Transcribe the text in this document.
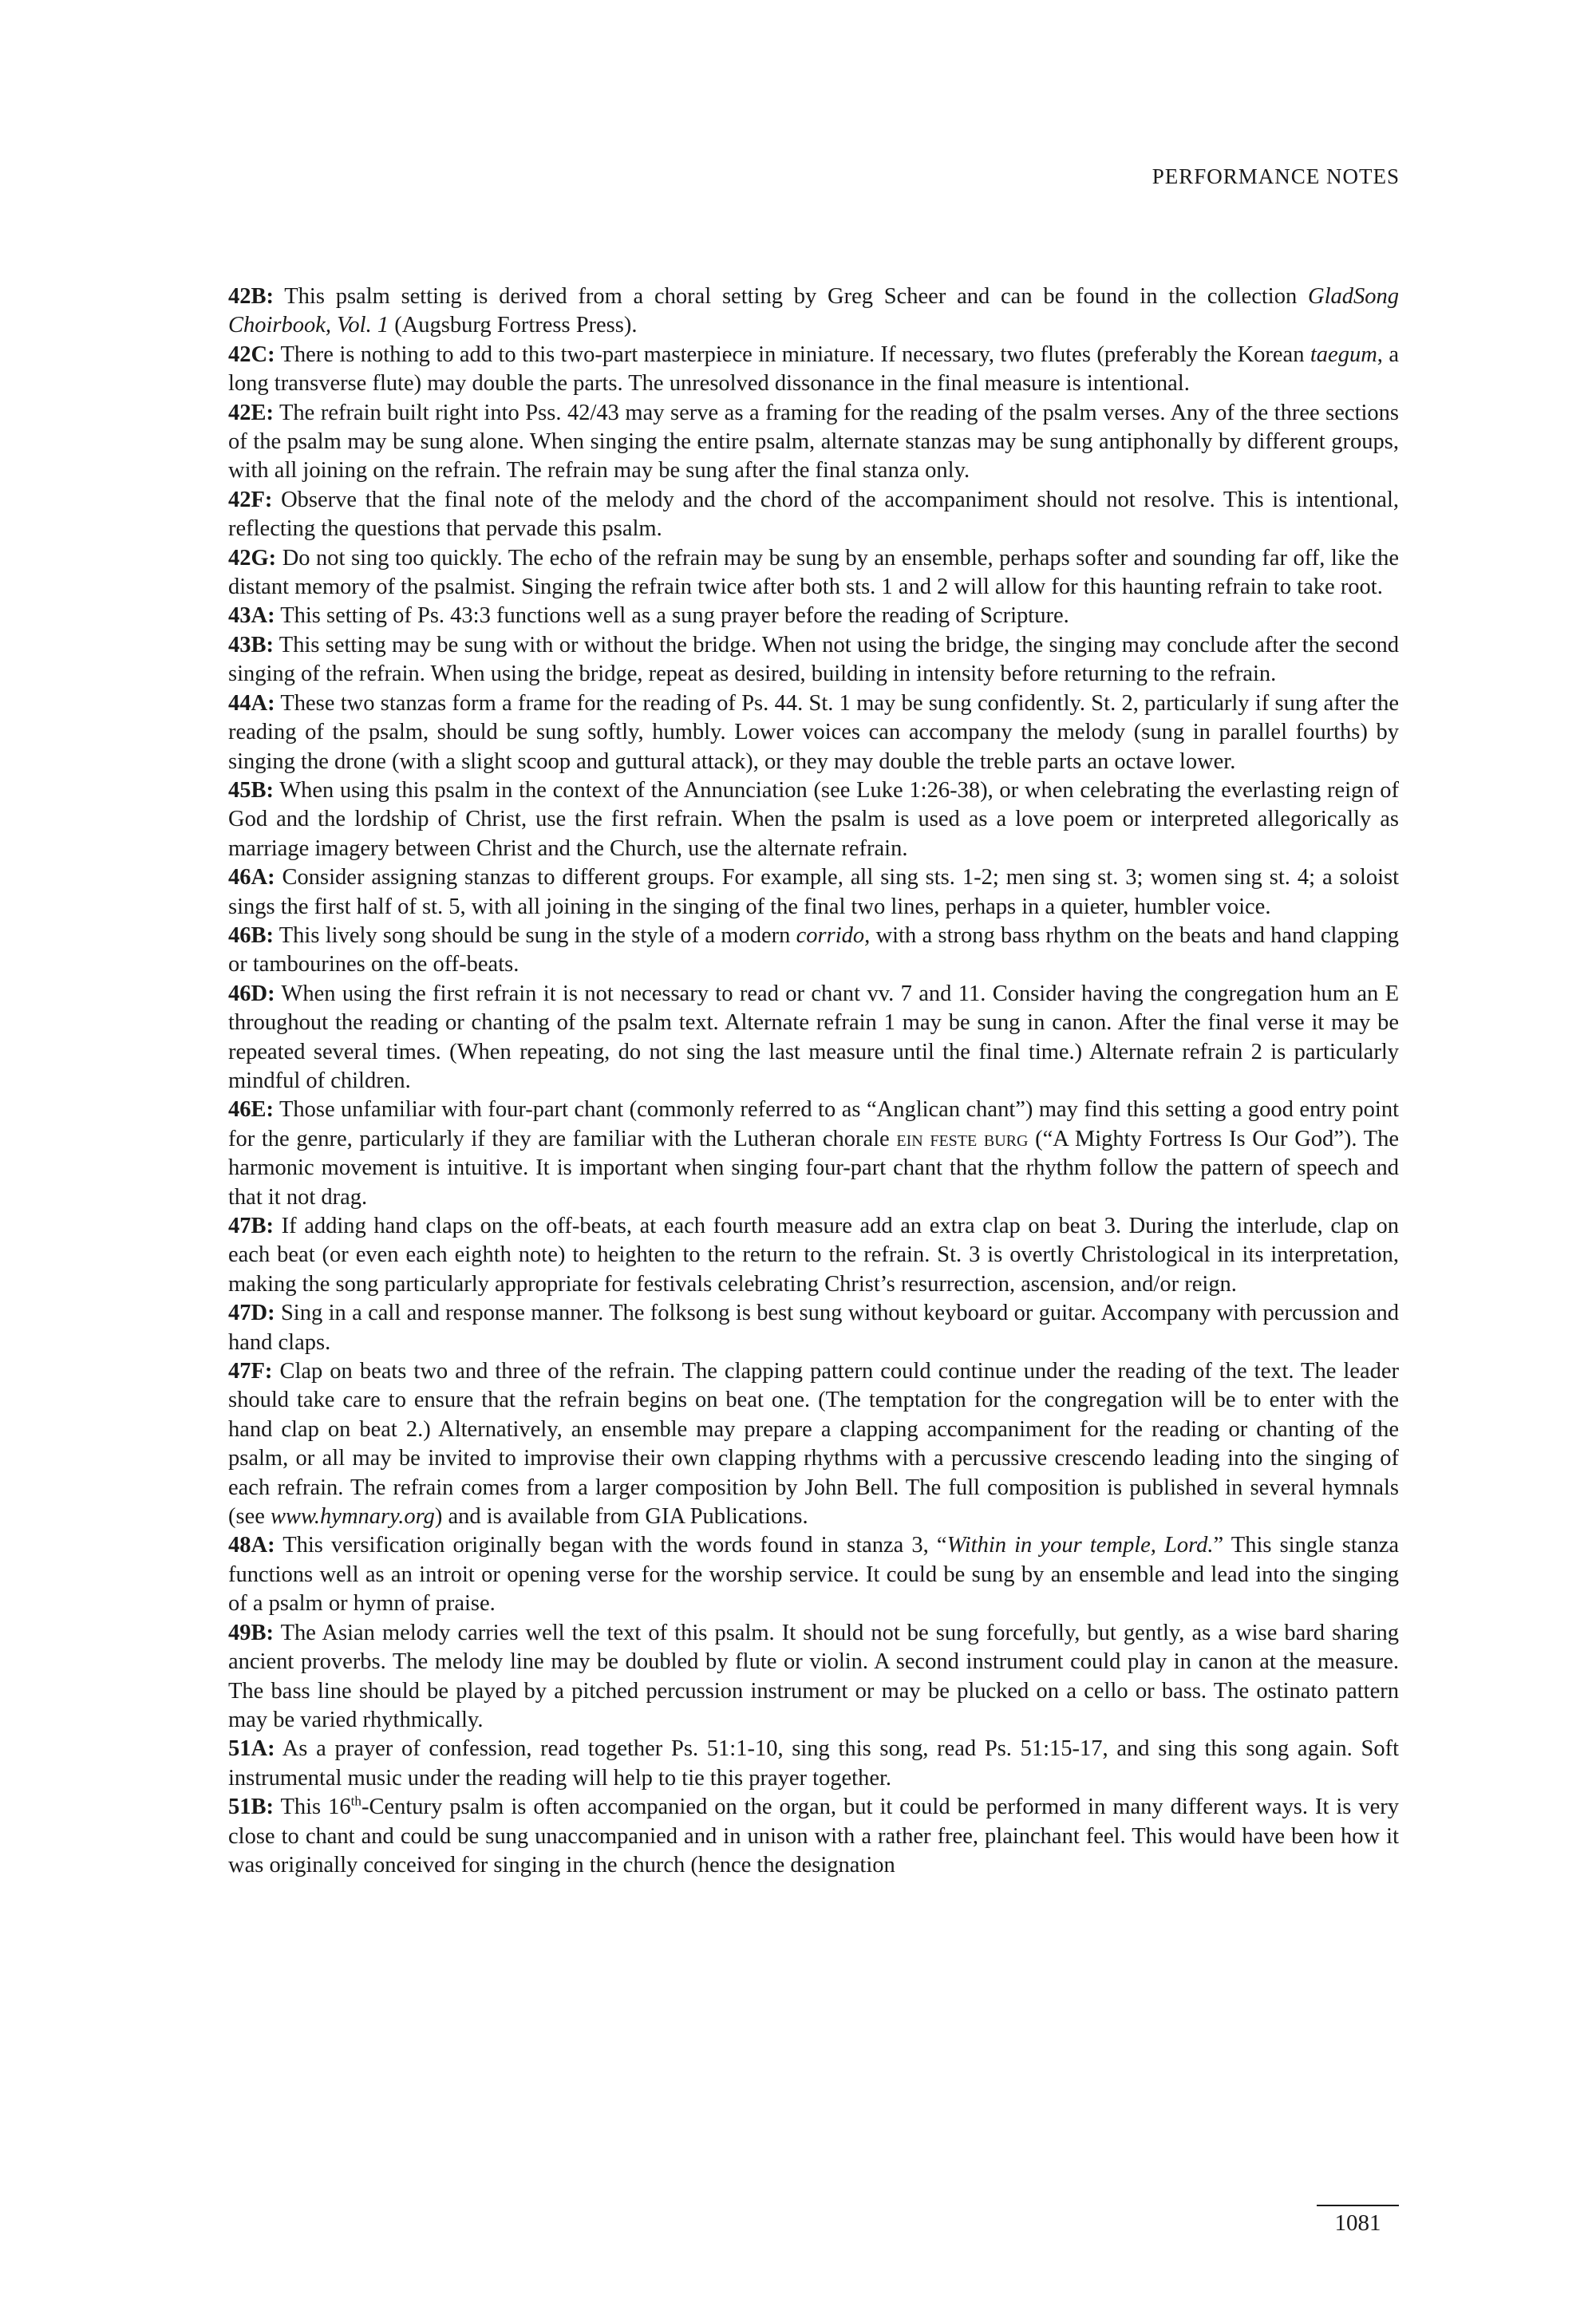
PERFORMANCE NOTES

42B: This psalm setting is derived from a choral setting by Greg Scheer and can be found in the collection GladSong Choirbook, Vol. 1 (Augsburg Fortress Press).

42C: There is nothing to add to this two-part masterpiece in miniature. If necessary, two flutes (preferably the Korean taegum, a long transverse flute) may double the parts. The unresolved dissonance in the final measure is intentional.

42E: The refrain built right into Pss. 42/43 may serve as a framing for the reading of the psalm verses. Any of the three sections of the psalm may be sung alone. When singing the entire psalm, alternate stanzas may be sung antiphonally by different groups, with all joining on the refrain. The refrain may be sung after the final stanza only.

42F: Observe that the final note of the melody and the chord of the accompaniment should not resolve. This is intentional, reflecting the questions that pervade this psalm.

42G: Do not sing too quickly. The echo of the refrain may be sung by an ensemble, perhaps softer and sounding far off, like the distant memory of the psalmist. Singing the refrain twice after both sts. 1 and 2 will allow for this haunting refrain to take root.

43A: This setting of Ps. 43:3 functions well as a sung prayer before the reading of Scripture.

43B: This setting may be sung with or without the bridge. When not using the bridge, the singing may conclude after the second singing of the refrain. When using the bridge, repeat as desired, building in intensity before returning to the refrain.

44A: These two stanzas form a frame for the reading of Ps. 44. St. 1 may be sung confidently. St. 2, particularly if sung after the reading of the psalm, should be sung softly, humbly. Lower voices can accompany the melody (sung in parallel fourths) by singing the drone (with a slight scoop and guttural attack), or they may double the treble parts an octave lower.

45B: When using this psalm in the context of the Annunciation (see Luke 1:26-38), or when celebrating the everlasting reign of God and the lordship of Christ, use the first refrain. When the psalm is used as a love poem or interpreted allegorically as marriage imagery between Christ and the Church, use the alternate refrain.

46A: Consider assigning stanzas to different groups. For example, all sing sts. 1-2; men sing st. 3; women sing st. 4; a soloist sings the first half of st. 5, with all joining in the singing of the final two lines, perhaps in a quieter, humbler voice.

46B: This lively song should be sung in the style of a modern corrido, with a strong bass rhythm on the beats and hand clapping or tambourines on the off-beats.

46D: When using the first refrain it is not necessary to read or chant vv. 7 and 11. Consider having the congregation hum an E throughout the reading or chanting of the psalm text. Alternate refrain 1 may be sung in canon. After the final verse it may be repeated several times. (When repeating, do not sing the last measure until the final time.) Alternate refrain 2 is particularly mindful of children.

46E: Those unfamiliar with four-part chant (commonly referred to as “Anglican chant”) may find this setting a good entry point for the genre, particularly if they are familiar with the Lutheran chorale ein feste burg (“A Mighty Fortress Is Our God”). The harmonic movement is intuitive. It is important when singing four-part chant that the rhythm follow the pattern of speech and that it not drag.

47B: If adding hand claps on the off-beats, at each fourth measure add an extra clap on beat 3. During the interlude, clap on each beat (or even each eighth note) to heighten to the return to the refrain. St. 3 is overtly Christological in its interpretation, making the song particularly appropriate for festivals celebrating Christ’s resurrection, ascension, and/or reign.

47D: Sing in a call and response manner. The folksong is best sung without keyboard or guitar. Accompany with percussion and hand claps.

47F: Clap on beats two and three of the refrain. The clapping pattern could continue under the reading of the text. The leader should take care to ensure that the refrain begins on beat one. (The temptation for the congregation will be to enter with the hand clap on beat 2.) Alternatively, an ensemble may prepare a clapping accompaniment for the reading or chanting of the psalm, or all may be invited to improvise their own clapping rhythms with a percussive crescendo leading into the singing of each refrain. The refrain comes from a larger composition by John Bell. The full composition is published in several hymnals (see www.hymnary.org) and is available from GIA Publications.

48A: This versification originally began with the words found in stanza 3, “Within in your temple, Lord.” This single stanza functions well as an introit or opening verse for the worship service. It could be sung by an ensemble and lead into the singing of a psalm or hymn of praise.

49B: The Asian melody carries well the text of this psalm. It should not be sung forcefully, but gently, as a wise bard sharing ancient proverbs. The melody line may be doubled by flute or violin. A second instrument could play in canon at the measure. The bass line should be played by a pitched percussion instrument or may be plucked on a cello or bass. The ostinato pattern may be varied rhythmically.

51A: As a prayer of confession, read together Ps. 51:1-10, sing this song, read Ps. 51:15-17, and sing this song again. Soft instrumental music under the reading will help to tie this prayer together.

51B: This 16th-Century psalm is often accompanied on the organ, but it could be performed in many different ways. It is very close to chant and could be sung unaccompanied and in unison with a rather free, plainchant feel. This would have been how it was originally conceived for singing in the church (hence the designation

1081
